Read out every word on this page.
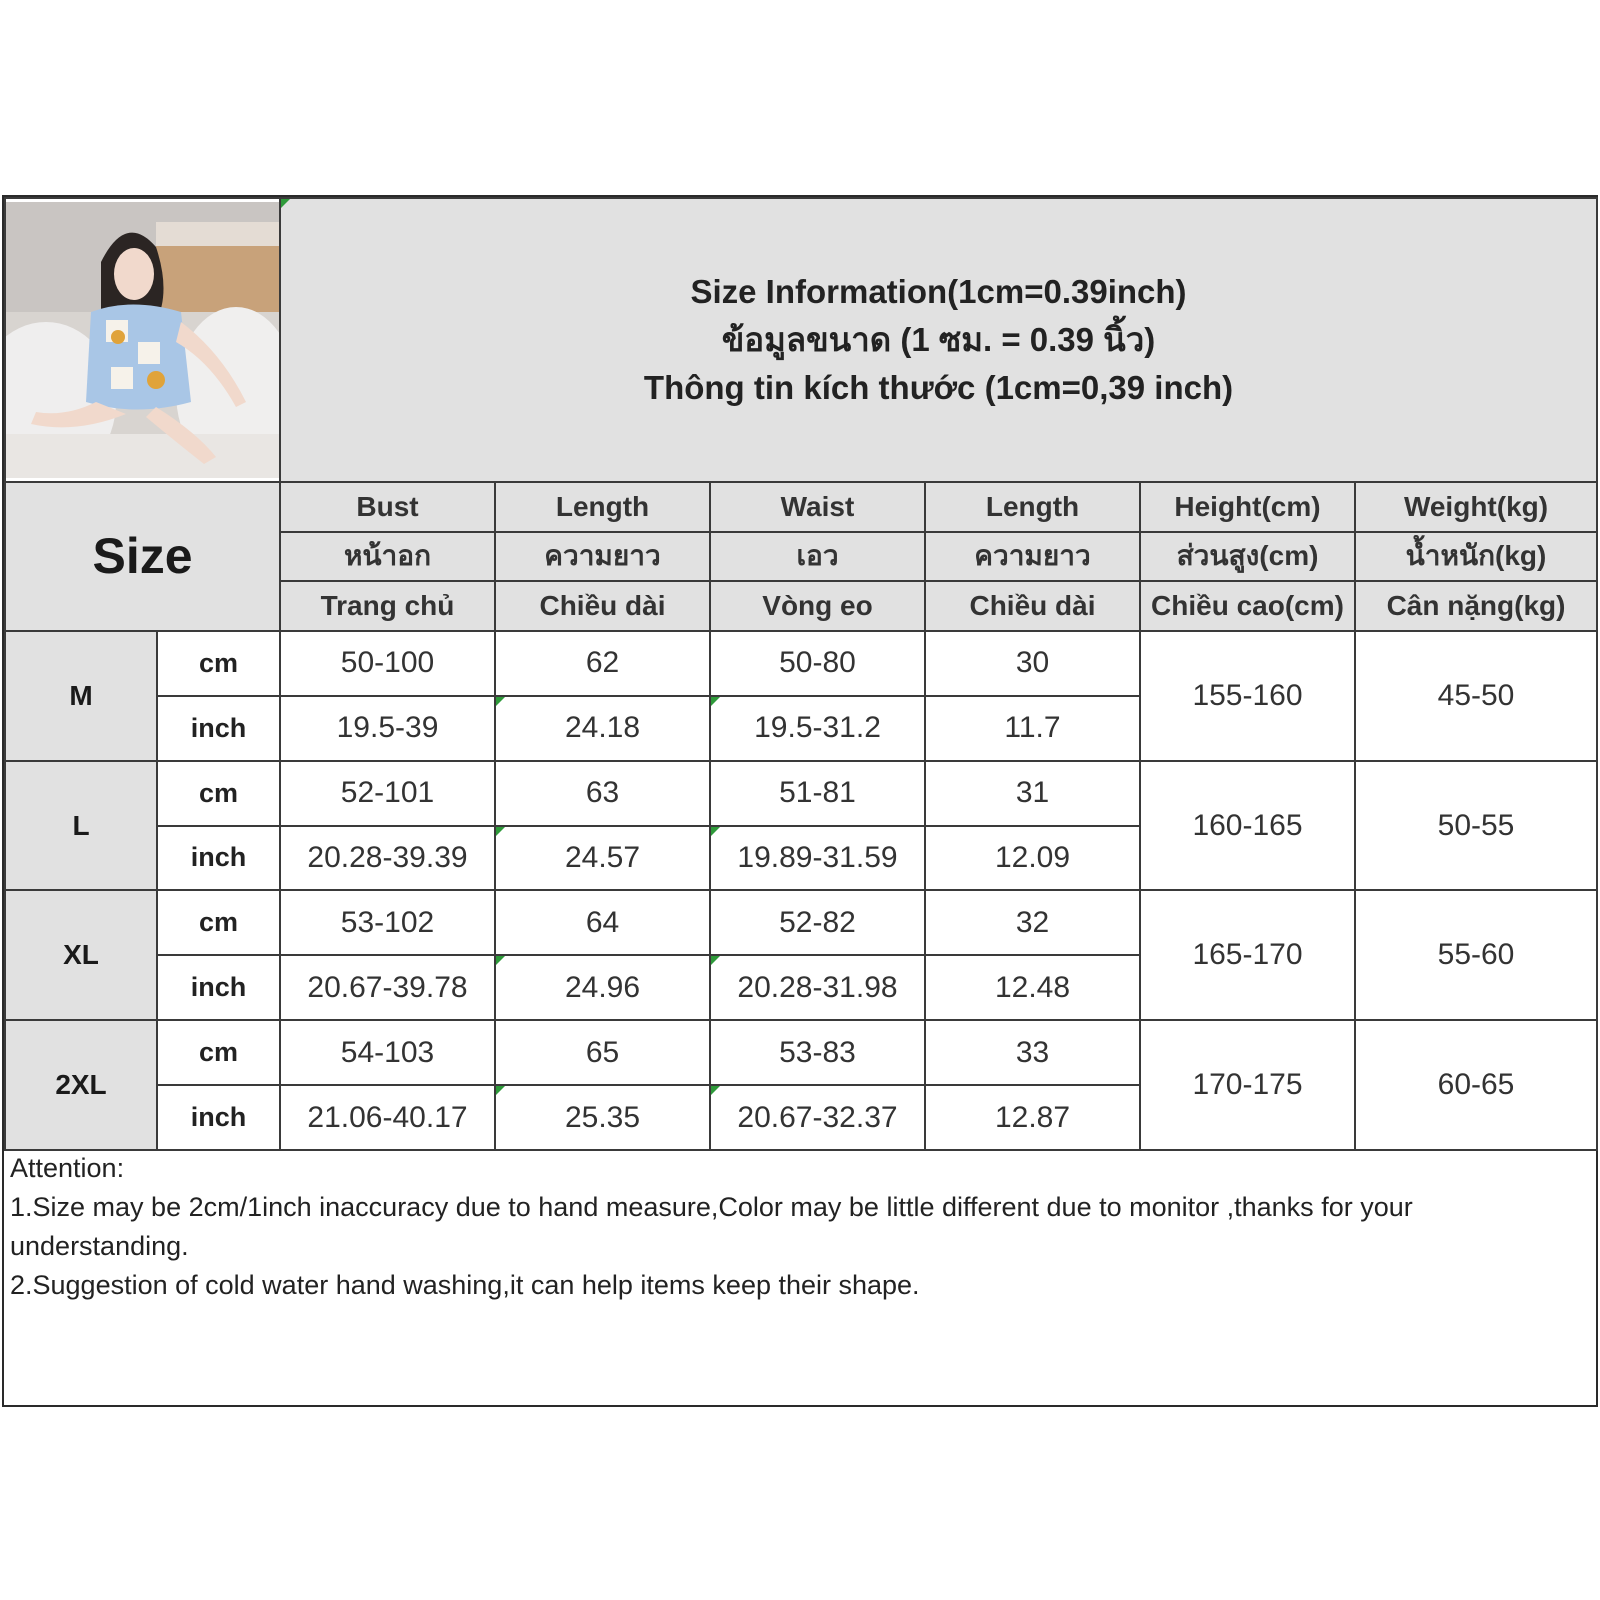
Size Information(1cm=0.39inch)
ข้อมูลขนาด (1 ซม. = 0.39 นิ้ว)
Thông tin kích thước (1cm=0,39 inch)					

Size		Bust	Length	Waist	Length	Height(cm)	Weight(kg)
		หน้าอก	ความยาว	เอว	ความยาว	ส่วนสูง(cm)	น้ำหนัก(kg)
		Trang chủ	Chiều dài	Vòng eo	Chiều dài	Chiều cao(cm)	Cân nặng(kg)
M	cm	50-100	62	50-80	30	155-160	45-50
	inch	19.5-39	24.18	19.5-31.2	11.7		
L	cm	52-101	63	51-81	31	160-165	50-55
	inch	20.28-39.39	24.57	19.89-31.59	12.09		
XL	cm	53-102	64	52-82	32	165-170	55-60
	inch	20.67-39.78	24.96	20.28-31.98	12.48		
2XL	cm	54-103	65	53-83	33	170-175	60-65
	inch	21.06-40.17	25.35	20.67-32.37	12.87		
Attention:
1.Size may be 2cm/1inch inaccuracy due to hand measure,Color may be little different due to monitor ,thanks for your understanding.
2.Suggestion of cold water hand washing,it can help items keep their shape.
